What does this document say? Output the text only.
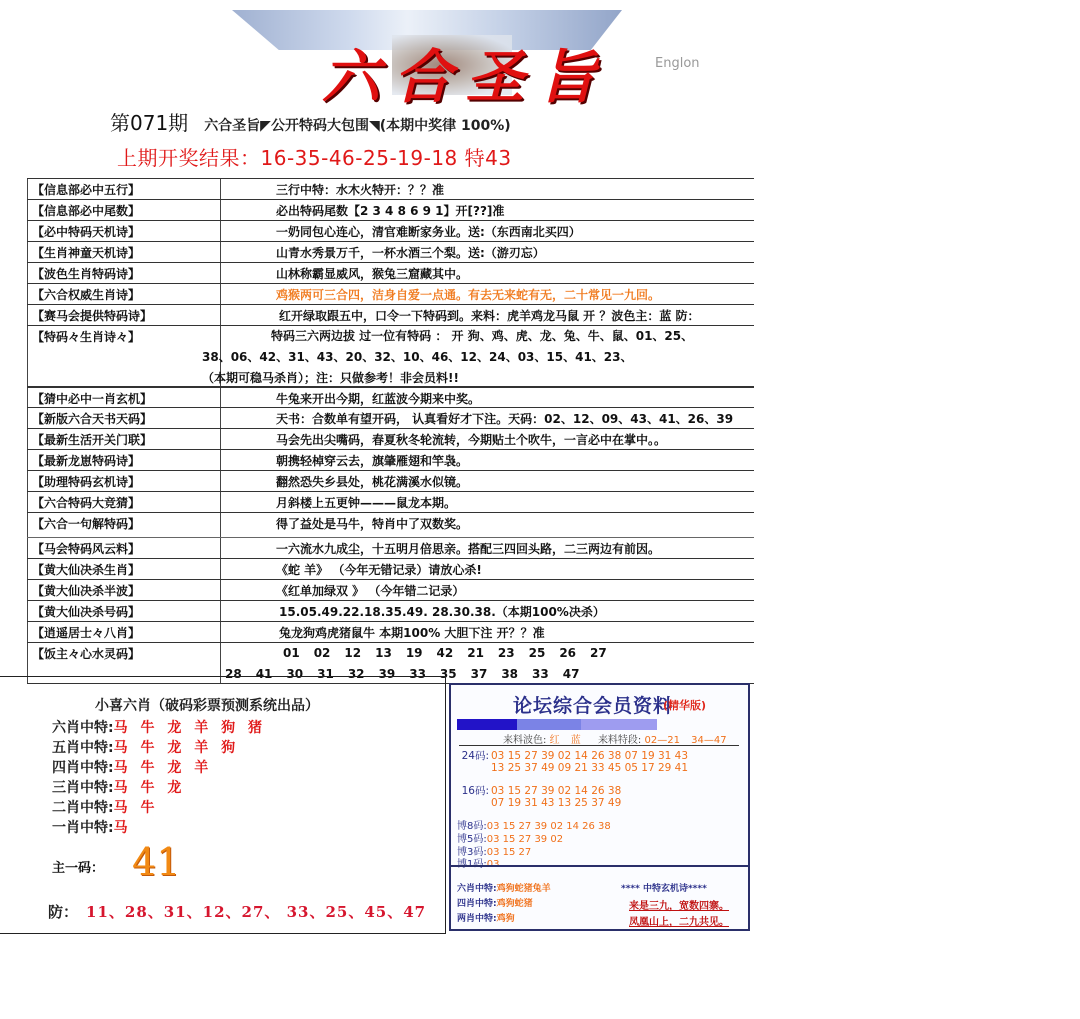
六合圣旨	Englon
第071期 六合圣旨◤公开特码大包围◥(本期中奖律 100%)
上期开奖结果：16-35-46-25-19-18 特43
【信息部必中五行】	三行中特：水木火特开：？？准
【信息部必中尾数】	必出特码尾数【2 3 4 8 6 9 1】开[??]准
【必中特码天机诗】	一奶同包心连心，清官难断家务业。送:（东西南北买四）
【生肖神童天机诗】	山青水秀景万千，一杯水酒三个梨。送:（游刃忘）
【波色生肖特码诗】	山林称霸显威风，猴兔三窟藏其中。
【六合权威生肖诗】	鸡猴两可三合四，洁身自爱一点通。有去无来蛇有无，二十常见一九回。
【赛马会提供特码诗】	红开绿取跟五中，口令一下特码到。来料：虎羊鸡龙马鼠 开 ？波色主：蓝 防：
【特码々生肖诗々】	特码三六两边拔 过一位有特码 ： 开 狗、鸡、虎、龙、兔、牛、鼠、01、25、
38、06、42、31、43、20、32、10、46、12、24、03、15、41、23、
（本期可稳马杀肖）；注：只做参考！非会员料!!
【猜中必中一肖玄机】	牛兔来开出今期，红蓝波今期来中奖。
【新版六合天书天码】	天书：合数单有望开码， 认真看好才下注。天码：02、12、09、43、41、26、39
【最新生活开关门联】	马会先出尖嘴码，春夏秋冬轮流转，今期贴土个吹牛，一言必中在掌中。。
【最新龙崽特码诗】	朝携轻棹穿云去，旗肇雁翅和竿袅。
【助理特码玄机诗】	翻然恐失乡县处，桃花满溪水似镜。
【六合特码大竞猜】	月斜楼上五更钟———鼠龙本期。
【六合一句解特码】	得了益处是马牛，特肖中了双数奖。
【马会特码风云料】	一六流水九成尘，十五明月倍思亲。搭配三四回头路，二三两边有前因。
【黄大仙决杀生肖】	《蛇 羊》 （今年无错记录）请放心杀!
【黄大仙决杀半波】	《红单加绿双 》 （今年错二记录）
【黄大仙决杀号码】	15.05.49.22.18.35.49. 28.30.38.（本期100%决杀）
【逍遥居士々八肖】	兔龙狗鸡虎猪鼠牛 本期100% 大胆下注 开？？准
【饭主々心水灵码】	01 02 12 13 19 42 21 23 25 26 27
28 41 30 31 32 39 33 35 37 38 33 47
小喜六肖（破码彩票预测系统出品）
六肖中特: 马 牛 龙 羊 狗 猪
五肖中特: 马 牛 龙 羊 狗
四肖中特: 马 牛 龙 羊
三肖中特: 马 牛 龙
二肖中特: 马 牛
一肖中特: 马
主一码： 41
防： 11、28、31、12、27、 33、25、45、47
论坛综合会员资料
(精华版)
来料波色: 红 蓝 来料特段: 02—21 34—47
24码: 03 15 27 39 02 14 26 38 07 19 31 43
13 25 37 49 09 21 33 45 05 17 29 41
16码: 03 15 27 39 02 14 26 38
07 19 31 43 13 25 37 49
博8码:03 15 27 39 02 14 26 38
博5码:03 15 27 39 02
博3码:03 15 27
博1码:03
六肖中特:鸡狗蛇猪兔羊
四肖中特:鸡狗蛇猪
两肖中特:鸡狗
**** 中特玄机诗****
来是三九，宽数四寨。
凤凰山上，二九共见。
